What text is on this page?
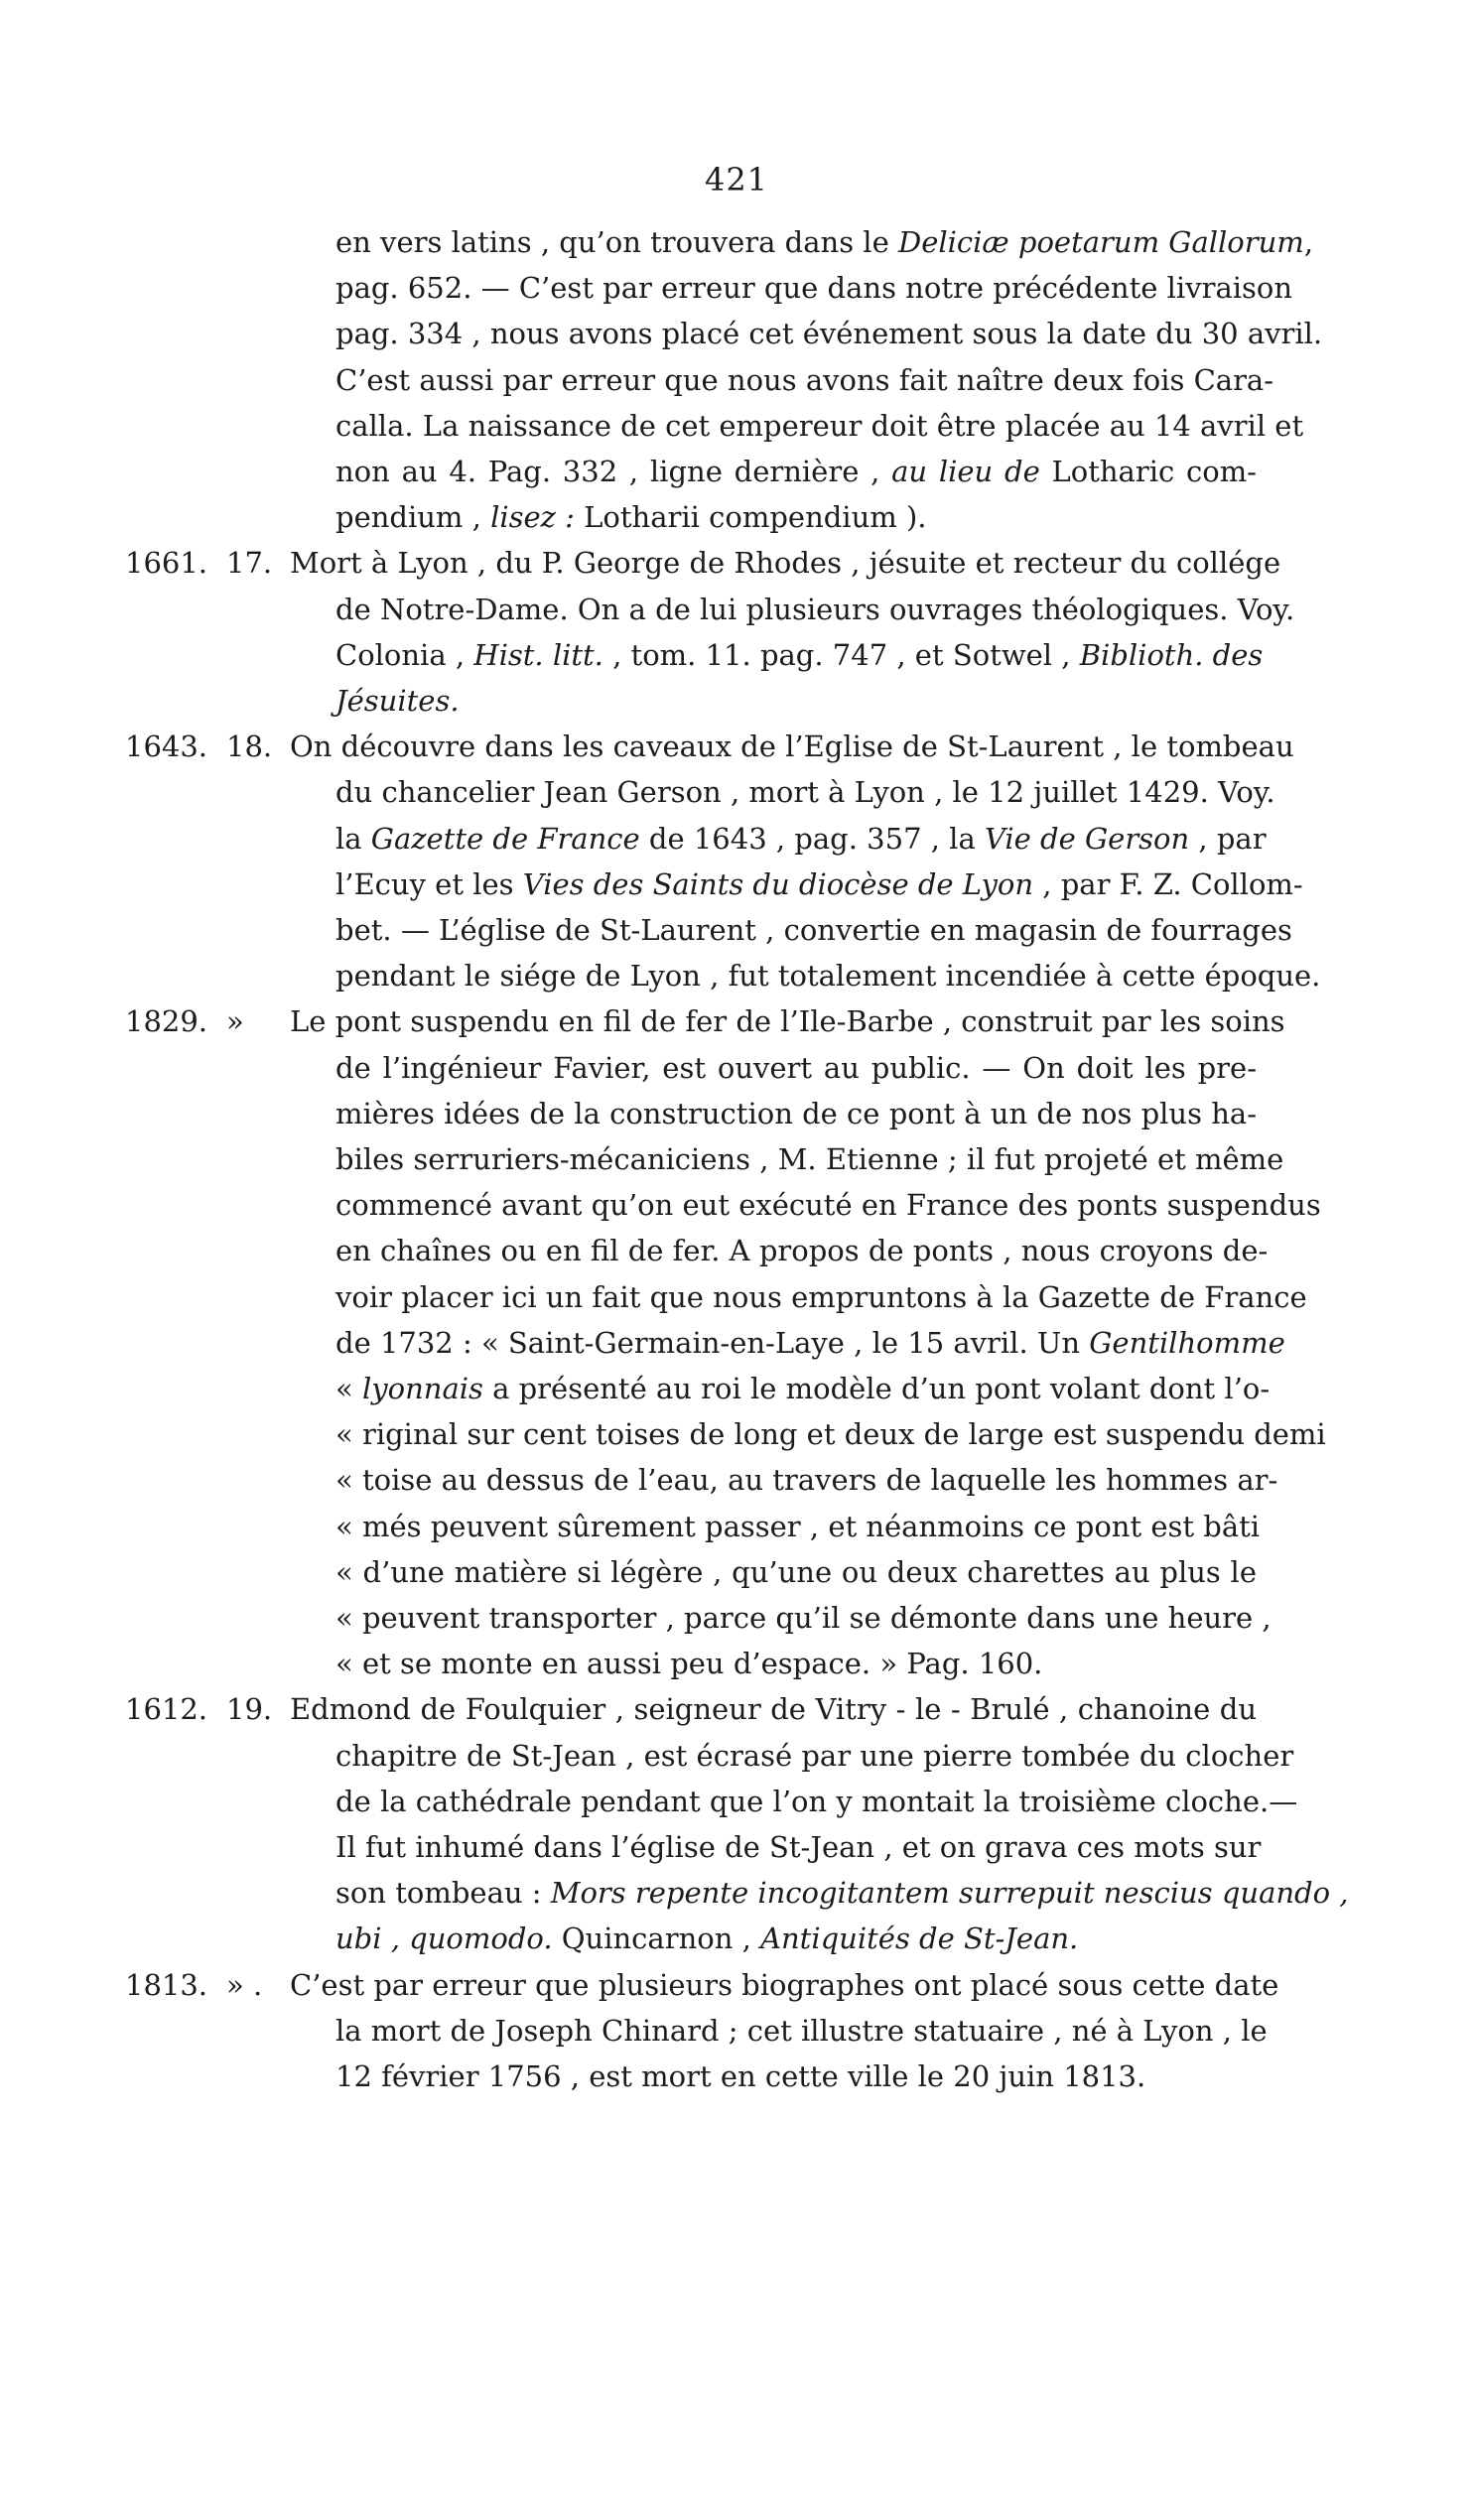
421
en vers latins , qu’on trouvera dans le Deliciæ poetarum Gallorum,
pag. 652. — C’est par erreur que dans notre précédente livraison
pag. 334 , nous avons placé cet événement sous la date du 30 avril.
C’est aussi par erreur que nous avons fait naître deux fois Cara-
calla. La naissance de cet empereur doit être placée au 14 avril et
non au 4. Pag. 332 , ligne dernière , au lieu de Lotharic com-
pendium , lisez : Lotharii compendium ).
1661. 17. Mort à Lyon , du P. George de Rhodes , jésuite et recteur du collége
de Notre-Dame. On a de lui plusieurs ouvrages théologiques. Voy.
Colonia , Hist. litt. , tom. 11. pag. 747 , et Sotwel , Biblioth. des
Jésuites.
1643. 18. On découvre dans les caveaux de l’Eglise de St-Laurent , le tombeau
du chancelier Jean Gerson , mort à Lyon , le 12 juillet 1429. Voy.
la Gazette de France de 1643 , pag. 357 , la Vie de Gerson , par
l’Ecuy et les Vies des Saints du diocèse de Lyon , par F. Z. Collom-
bet. — L’église de St-Laurent , convertie en magasin de fourrages
pendant le siége de Lyon , fut totalement incendiée à cette époque.
1829. » Le pont suspendu en fil de fer de l’Ile-Barbe , construit par les soins
de l’ingénieur Favier, est ouvert au public. — On doit les pre-
mières idées de la construction de ce pont à un de nos plus ha-
biles serruriers-mécaniciens , M. Etienne ; il fut projeté et même
commencé avant qu’on eut exécuté en France des ponts suspendus
en chaînes ou en fil de fer. A propos de ponts , nous croyons de-
voir placer ici un fait que nous empruntons à la Gazette de France
de 1732 : « Saint-Germain-en-Laye , le 15 avril. Un Gentilhomme
« lyonnais a présenté au roi le modèle d’un pont volant dont l’o-
« riginal sur cent toises de long et deux de large est suspendu demi
« toise au dessus de l’eau, au travers de laquelle les hommes ar-
« més peuvent sûrement passer , et néanmoins ce pont est bâti
« d’une matière si légère , qu’une ou deux charettes au plus le
« peuvent transporter , parce qu’il se démonte dans une heure ,
« et se monte en aussi peu d’espace. » Pag. 160.
1612. 19. Edmond de Foulquier , seigneur de Vitry - le - Brulé , chanoine du
chapitre de St-Jean , est écrasé par une pierre tombée du clocher
de la cathédrale pendant que l’on y montait la troisième cloche.—
Il fut inhumé dans l’église de St-Jean , et on grava ces mots sur
son tombeau : Mors repente incogitantem surrepuit nescius quando ,
ubi , quomodo. Quincarnon , Antiquités de St-Jean.
1813. » . C’est par erreur que plusieurs biographes ont placé sous cette date
la mort de Joseph Chinard ; cet illustre statuaire , né à Lyon , le
12 février 1756 , est mort en cette ville le 20 juin 1813.
